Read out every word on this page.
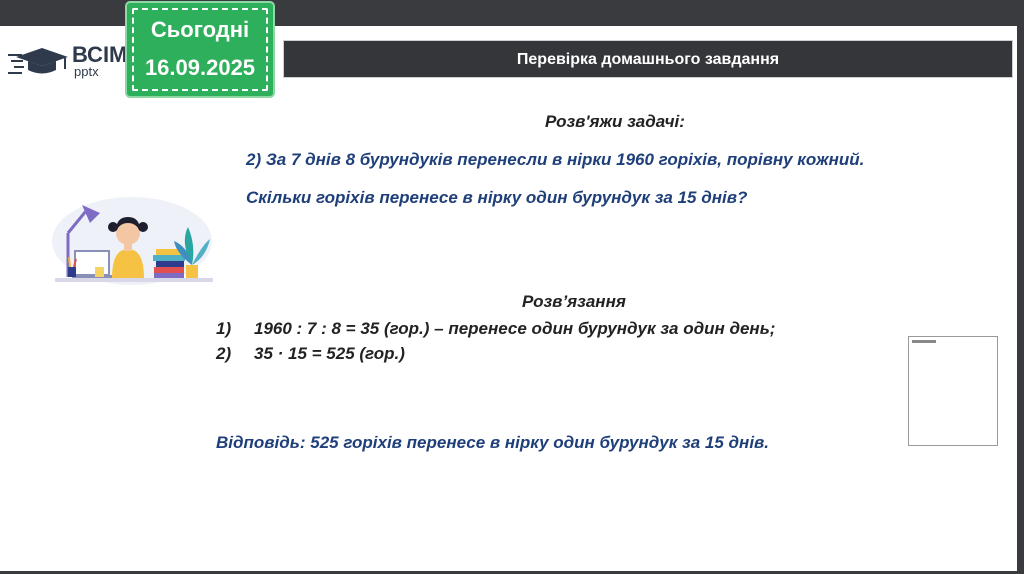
ВСІМ
pptx
Сьогодні
16.09.2025	Перевірка домашнього завдання
Розв'яжи задачі:
2) За 7 днів 8 бурундуків перенесли в нірки 1960 горіхів, порівну кожний.
Скільки горіхів перенесе в нірку один бурундук за 15 днів?
Розв’язання
1) 1960 : 7 : 8 = 35 (гор.) – перенесе один бурундук за один день;
2) 35 · 15 = 525 (гор.)
Відповідь: 525 горіхів перенесе в нірку один бурундук за 15 днів.
